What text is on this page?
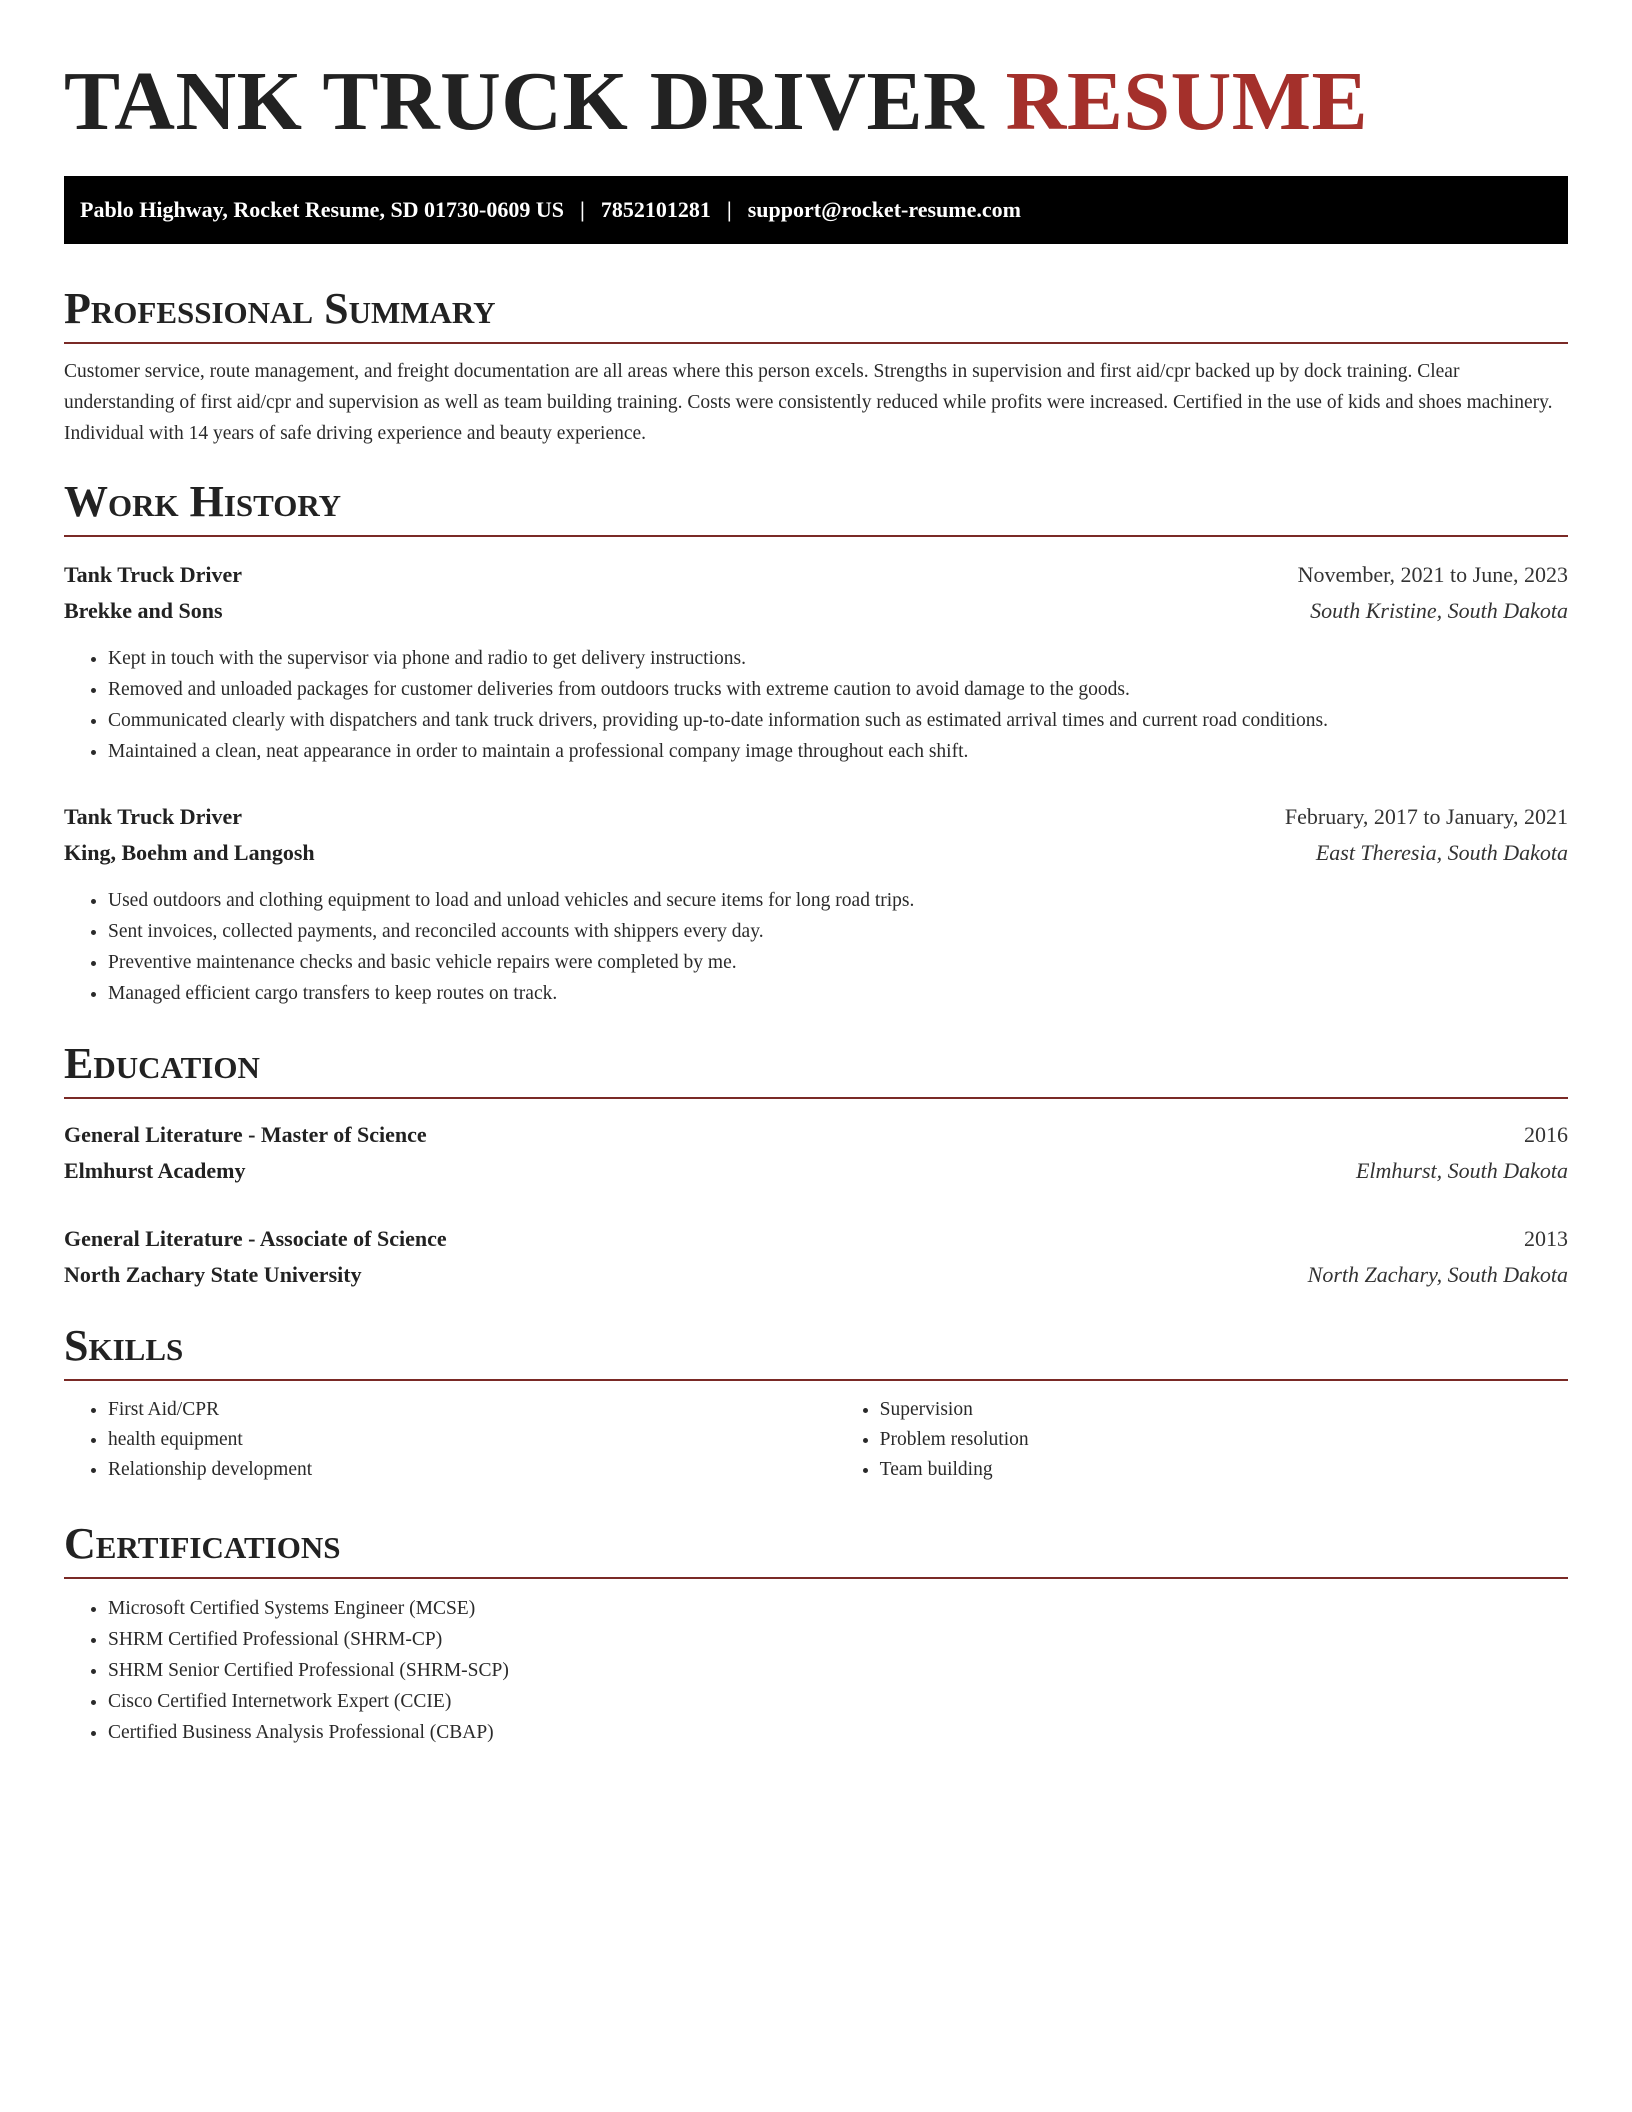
TANK TRUCK DRIVER RESUME
Pablo Highway, Rocket Resume, SD 01730-0609 US | 7852101281 | support@rocket-resume.com
Professional Summary

Customer service, route management, and freight documentation are all areas where this person excels. Strengths in supervision and first aid/cpr backed up by dock training. Clear understanding of first aid/cpr and supervision as well as team building training. Costs were consistently reduced while profits were increased. Certified in the use of kids and shoes machinery. Individual with 14 years of safe driving experience and beauty experience.

Work History
Tank Truck Driver	November, 2021 to June, 2023
Brekke and Sons	South Kristine, South Dakota
• Kept in touch with the supervisor via phone and radio to get delivery instructions.
• Removed and unloaded packages for customer deliveries from outdoors trucks with extreme caution to avoid damage to the goods.
• Communicated clearly with dispatchers and tank truck drivers, providing up-to-date information such as estimated arrival times and current road conditions.
• Maintained a clean, neat appearance in order to maintain a professional company image throughout each shift.
Tank Truck Driver	February, 2017 to January, 2021
King, Boehm and Langosh	East Theresia, South Dakota
• Used outdoors and clothing equipment to load and unload vehicles and secure items for long road trips.
• Sent invoices, collected payments, and reconciled accounts with shippers every day.
• Preventive maintenance checks and basic vehicle repairs were completed by me.
• Managed efficient cargo transfers to keep routes on track.
Education
General Literature - Master of Science	2016
Elmhurst Academy	Elmhurst, South Dakota
General Literature - Associate of Science	2013
North Zachary State University	North Zachary, South Dakota
Skills
• First Aid/CPR
• health equipment
• Relationship development
• Supervision
• Problem resolution
• Team building
Certifications
• Microsoft Certified Systems Engineer (MCSE)
• SHRM Certified Professional (SHRM-CP)
• SHRM Senior Certified Professional (SHRM-SCP)
• Cisco Certified Internetwork Expert (CCIE)
• Certified Business Analysis Professional (CBAP)
